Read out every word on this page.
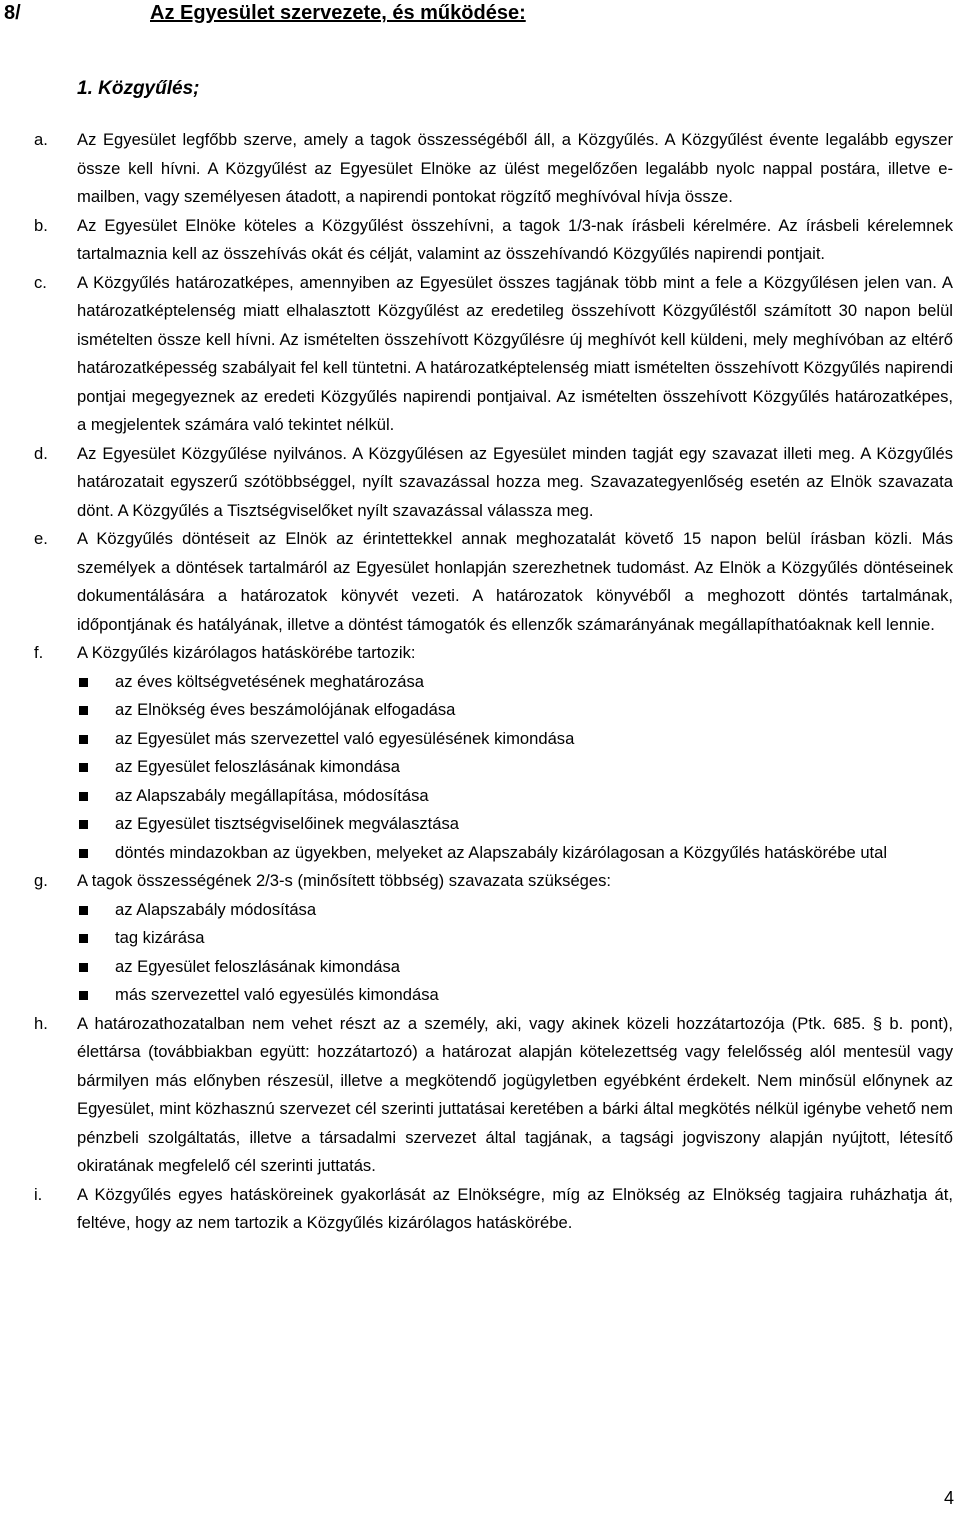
8/	Az Egyesület szervezete, és működése:
1. Közgyűlés;
a. Az Egyesület legfőbb szerve, amely a tagok összességéből áll, a Közgyűlés. A Közgyűlést évente legalább egyszer össze kell hívni. A Közgyűlést az Egyesület Elnöke az ülést megelőzően legalább nyolc nappal postára, illetve e-mailben, vagy személyesen átadott, a napirendi pontokat rögzítő meghívóval hívja össze.
b. Az Egyesület Elnöke köteles a Közgyűlést összehívni, a tagok 1/3-nak írásbeli kérelmére. Az írásbeli kérelemnek tartalmaznia kell az összehívás okát és célját, valamint az összehívandó Közgyűlés napirendi pontjait.
c. A Közgyűlés határozatképes, amennyiben az Egyesület összes tagjának több mint a fele a Közgyűlésen jelen van. A határozatképtelenség miatt elhalasztott Közgyűlést az eredetileg összehívott Közgyűléstől számított 30 napon belül ismételten össze kell hívni. Az ismételten összehívott Közgyűlésre új meghívót kell küldeni, mely meghívóban az eltérő határozatképesség szabályait fel kell tüntetni. A határozatképtelenség miatt ismételten összehívott Közgyűlés napirendi pontjai megegyeznek az eredeti Közgyűlés napirendi pontjaival. Az ismételten összehívott Közgyűlés határozatképes, a megjelentek számára való tekintet nélkül.
d. Az Egyesület Közgyűlése nyilvános. A Közgyűlésen az Egyesület minden tagját egy szavazat illeti meg. A Közgyűlés határozatait egyszerű szótöbbséggel, nyílt szavazással hozza meg. Szavazategyenlőség esetén az Elnök szavazata dönt. A Közgyűlés a Tisztségviselőket nyílt szavazással válassza meg.
e. A Közgyűlés döntéseit az Elnök az érintettekkel annak meghozatalát követő 15 napon belül írásban közli. Más személyek a döntések tartalmáról az Egyesület honlapján szerezhetnek tudomást. Az Elnök a Közgyűlés döntéseinek dokumentálására a határozatok könyvét vezeti. A határozatok könyvéből a meghozott döntés tartalmának, időpontjának és hatályának, illetve a döntést támogatók és ellenzők számarányának megállapíthatóaknak kell lennie.
f. A Közgyűlés kizárólagos hatáskörébe tartozik:
az éves költségvetésének meghatározása
az Elnökség éves beszámolójának elfogadása
az Egyesület más szervezettel való egyesülésének kimondása
az Egyesület feloszlásának kimondása
az Alapszabály megállapítása, módosítása
az Egyesület tisztségviselőinek megválasztása
döntés mindazokban az ügyekben, melyeket az Alapszabály kizárólagosan a Közgyűlés hatáskörébe utal
g. A tagok összességének 2/3-s (minősített többség) szavazata szükséges:
az Alapszabály módosítása
tag kizárása
az Egyesület feloszlásának kimondása
más szervezettel való egyesülés kimondása
h. A határozathozatalban nem vehet részt az a személy, aki, vagy akinek közeli hozzátartozója (Ptk. 685. § b. pont), élettársa (továbbiakban együtt: hozzátartozó) a határozat alapján kötelezettség vagy felelősség alól mentesül vagy bármilyen más előnyben részesül, illetve a megkötendő jogügyletben egyébként érdekelt. Nem minősül előnynek az Egyesület, mint közhasznú szervezet cél szerinti juttatásai keretében a bárki által megkötés nélkül igénybe vehető nem pénzbeli szolgáltatás, illetve a társadalmi szervezet által tagjának, a tagsági jogviszony alapján nyújtott, létesítő okiratának megfelelő cél szerinti juttatás.
i. A Közgyűlés egyes hatásköreinek gyakorlását az Elnökségre, míg az Elnökség az Elnökség tagjaira ruházhatja át, feltéve, hogy az nem tartozik a Közgyűlés kizárólagos hatáskörébe.
4
